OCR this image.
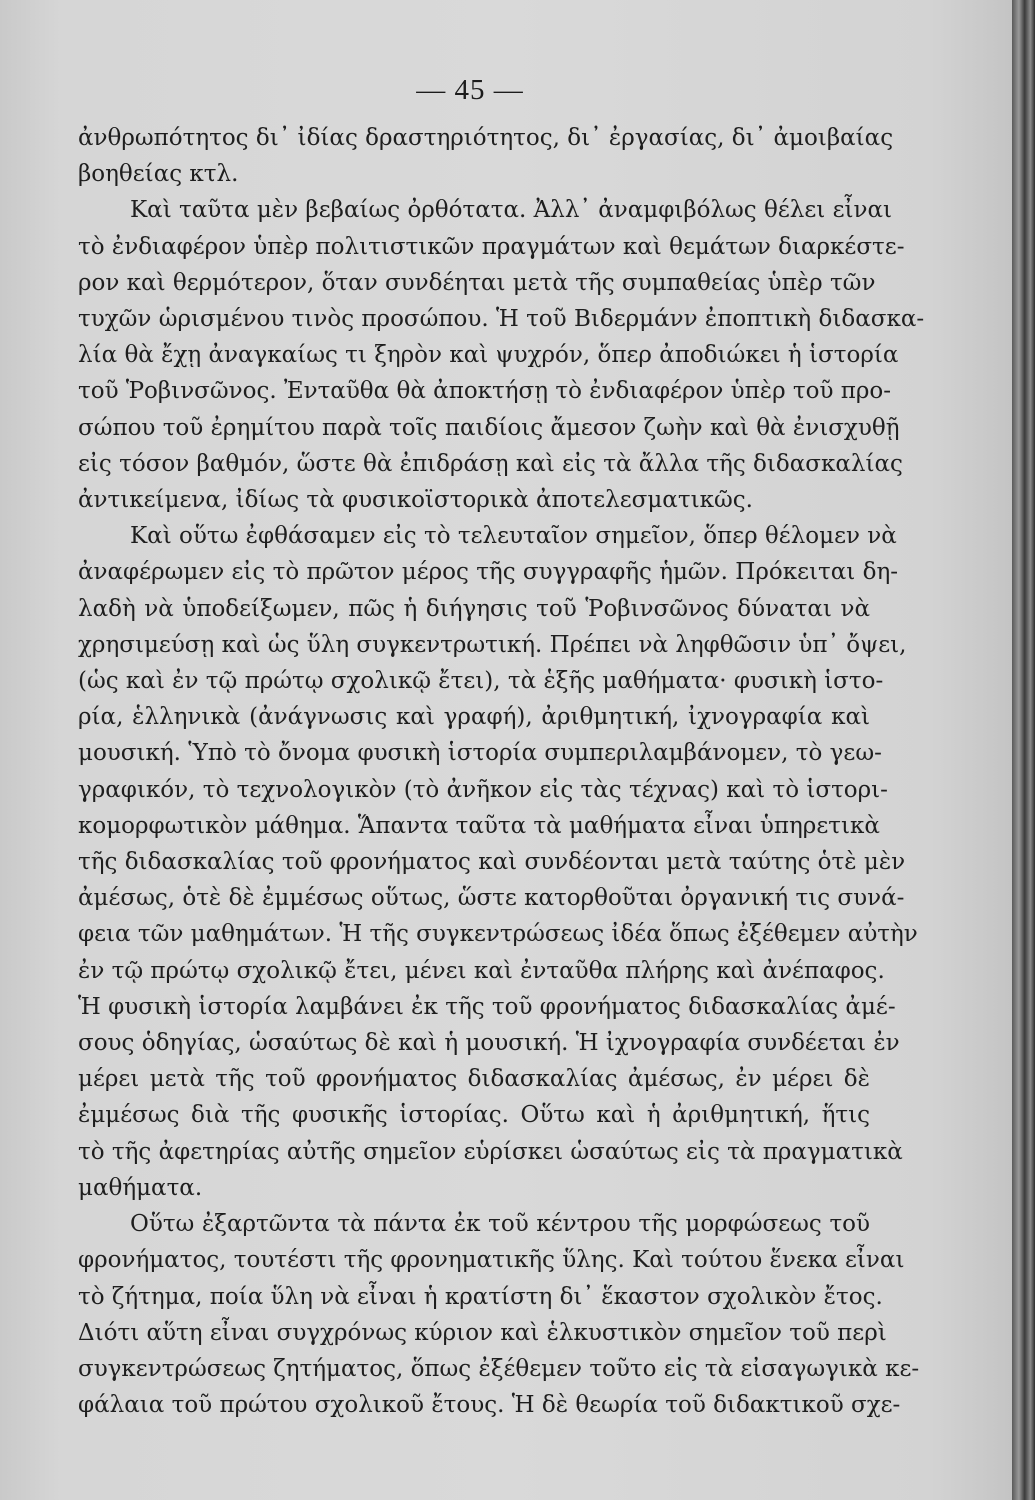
— 45 —
ἀνθρωπότητος δι᾽ ἰδίας δραστηριότητος, δι᾽ ἐργασίας, δι᾽ ἀμοιβαίας
βοηθείας κτλ.
Καὶ ταῦτα μὲν βεβαίως ὀρθότατα. Ἀλλ᾽ ἀναμφιβόλως θέλει εἶναι
τὸ ἐνδιαφέρον ὑπὲρ πολιτιστικῶν πραγμάτων καὶ θεμάτων διαρκέστε-
ρον καὶ θερμότερον, ὅταν συνδέηται μετὰ τῆς συμπαθείας ὑπὲρ τῶν
τυχῶν ὡρισμένου τινὸς προσώπου. Ἡ τοῦ Βιδερμάνν ἐποπτικὴ διδασκα-
λία θὰ ἔχῃ ἀναγκαίως τι ξηρὸν καὶ ψυχρόν, ὅπερ ἀποδιώκει ἡ ἱστορία
τοῦ Ῥοβινσῶνος. Ἐνταῦθα θὰ ἀποκτήσῃ τὸ ἐνδιαφέρον ὑπὲρ τοῦ προ-
σώπου τοῦ ἐρημίτου παρὰ τοῖς παιδίοις ἄμεσον ζωὴν καὶ θὰ ἐνισχυθῇ
εἰς τόσον βαθμόν, ὥστε θὰ ἐπιδράσῃ καὶ εἰς τὰ ἄλλα τῆς διδασκαλίας
ἀντικείμενα, ἰδίως τὰ φυσικοϊστορικὰ ἀποτελεσματικῶς.
Καὶ οὕτω ἐφθάσαμεν εἰς τὸ τελευταῖον σημεῖον, ὅπερ θέλομεν νὰ
ἀναφέρωμεν εἰς τὸ πρῶτον μέρος τῆς συγγραφῆς ἡμῶν. Πρόκειται δη-
λαδὴ νὰ ὑποδείξωμεν, πῶς ἡ διήγησις τοῦ Ῥοβινσῶνος δύναται νὰ
χρησιμεύσῃ καὶ ὡς ὕλη συγκεντρωτική. Πρέπει νὰ ληφθῶσιν ὑπ᾽ ὄψει,
(ὡς καὶ ἐν τῷ πρώτῳ σχολικῷ ἔτει), τὰ ἑξῆς μαθήματα· φυσικὴ ἱστο-
ρία, ἑλληνικὰ (ἀνάγνωσις καὶ γραφή), ἀριθμητική, ἰχνογραφία καὶ
μουσική. Ὑπὸ τὸ ὄνομα φυσικὴ ἱστορία συμπεριλαμβάνομεν, τὸ γεω-
γραφικόν, τὸ τεχνολογικὸν (τὸ ἀνῆκον εἰς τὰς τέχνας) καὶ τὸ ἱστορι-
κομορφωτικὸν μάθημα. Ἅπαντα ταῦτα τὰ μαθήματα εἶναι ὑπηρετικὰ
τῆς διδασκαλίας τοῦ φρονήματος καὶ συνδέονται μετὰ ταύτης ὁτὲ μὲν
ἀμέσως, ὁτὲ δὲ ἐμμέσως οὕτως, ὥστε κατορθοῦται ὀργανική τις συνά-
φεια τῶν μαθημάτων. Ἡ τῆς συγκεντρώσεως ἰδέα ὅπως ἐξέθεμεν αὐτὴν
ἐν τῷ πρώτῳ σχολικῷ ἔτει, μένει καὶ ἐνταῦθα πλήρης καὶ ἀνέπαφος.
Ἡ φυσικὴ ἱστορία λαμβάνει ἐκ τῆς τοῦ φρονήματος διδασκαλίας ἀμέ-
σους ὁδηγίας, ὡσαύτως δὲ καὶ ἡ μουσική. Ἡ ἰχνογραφία συνδέεται ἐν
μέρει μετὰ τῆς τοῦ φρονήματος διδασκαλίας ἀμέσως, ἐν μέρει δὲ
ἐμμέσως διὰ τῆς φυσικῆς ἱστορίας. Οὕτω καὶ ἡ ἀριθμητική, ἥτις
τὸ τῆς ἀφετηρίας αὐτῆς σημεῖον εὑρίσκει ὡσαύτως εἰς τὰ πραγματικὰ
μαθήματα.
Οὕτω ἐξαρτῶντα τὰ πάντα ἐκ τοῦ κέντρου τῆς μορφώσεως τοῦ
φρονήματος, τουτέστι τῆς φρονηματικῆς ὕλης. Καὶ τούτου ἕνεκα εἶναι
τὸ ζήτημα, ποία ὕλη νὰ εἶναι ἡ κρατίστη δι᾽ ἕκαστον σχολικὸν ἔτος.
Διότι αὕτη εἶναι συγχρόνως κύριον καὶ ἑλκυστικὸν σημεῖον τοῦ περὶ
συγκεντρώσεως ζητήματος, ὅπως ἐξέθεμεν τοῦτο εἰς τὰ εἰσαγωγικὰ κε-
φάλαια τοῦ πρώτου σχολικοῦ ἔτους. Ἡ δὲ θεωρία τοῦ διδακτικοῦ σχε-
